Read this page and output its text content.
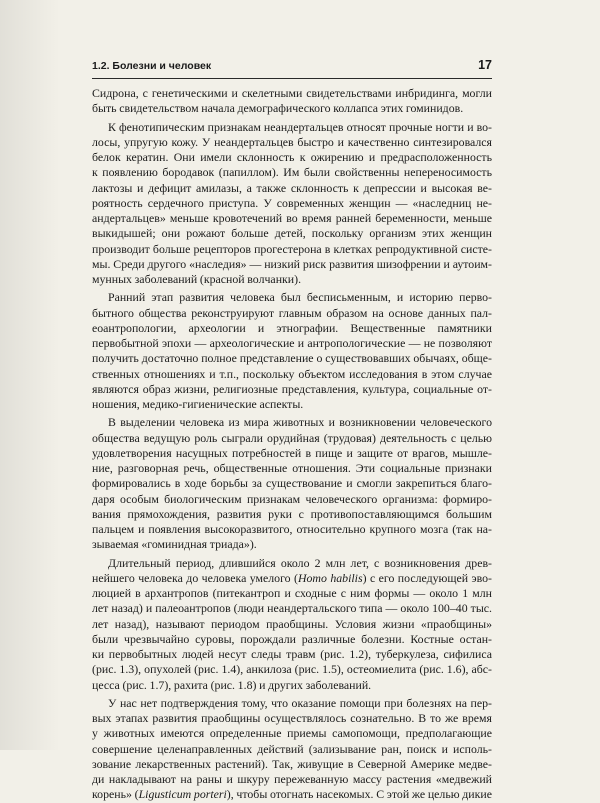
1.2. Болезни и человек	17
Сидрона, с генетическими и скелетными свидетельствами инбридинга, могли
быть свидетельством начала демографического коллапса этих гоминидов.
К фенотипическим признакам неандертальцев относят прочные ногти и во-
лосы, упругую кожу. У неандертальцев быстро и качественно синтезировался
белок кератин. Они имели склонность к ожирению и предрасположенность
к появлению бородавок (папиллом). Им были свойственны непереносимость
лактозы и дефицит амилазы, а также склонность к депрессии и высокая ве-
роятность сердечного приступа. У современных женщин — «наследниц не-
андертальцев» меньше кровотечений во время ранней беременности, меньше
выкидышей; они рожают больше детей, поскольку организм этих женщин
производит больше рецепторов прогестерона в клетках репродуктивной систе-
мы. Среди другого «наследия» — низкий риск развития шизофрении и аутоим-
мунных заболеваний (красной волчанки).
Ранний этап развития человека был бесписьменным, и историю перво-
бытного общества реконструируют главным образом на основе данных пал-
еоантропологии, археологии и этнографии. Вещественные памятники
первобытной эпохи — археологические и антропологические — не позволяют
получить достаточно полное представление о существовавших обычаях, обще-
ственных отношениях и т.п., поскольку объектом исследования в этом случае
являются образ жизни, религиозные представления, культура, социальные от-
ношения, медико-гигиенические аспекты.
В выделении человека из мира животных и возникновении человеческого
общества ведущую роль сыграли орудийная (трудовая) деятельность с целью
удовлетворения насущных потребностей в пище и защите от врагов, мышле-
ние, разговорная речь, общественные отношения. Эти социальные признаки
формировались в ходе борьбы за существование и смогли закрепиться благо-
даря особым биологическим признакам человеческого организма: формиро-
вания прямохождения, развития руки с противопоставляющимся большим
пальцем и появления высокоразвитого, относительно крупного мозга (так на-
зываемая «гоминидная триада»).
Длительный период, длившийся около 2 млн лет, с возникновения древ-
нейшего человека до человека умелого (Homo habilis) с его последующей эво-
люцией в архантропов (питекантроп и сходные с ним формы — около 1 млн
лет назад) и палеоантропов (люди неандертальского типа — около 100–40 тыс.
лет назад), называют периодом праобщины. Условия жизни «праобщины»
были чрезвычайно суровы, порождали различные болезни. Костные остан-
ки первобытных людей несут следы травм (рис. 1.2), туберкулеза, сифилиса
(рис. 1.3), опухолей (рис. 1.4), анкилоза (рис. 1.5), остеомиелита (рис. 1.6), абс-
цесса (рис. 1.7), рахита (рис. 1.8) и других заболеваний.
У нас нет подтверждения тому, что оказание помощи при болезнях на пер-
вых этапах развития праобщины осуществлялось сознательно. В то же время
у животных имеются определенные приемы самопомощи, предполагающие
совершение целенаправленных действий (зализывание ран, поиск и исполь-
зование лекарственных растений). Так, живущие в Северной Америке медве-
ди накладывают на раны и шкуру пережеванную массу растения «медвежий
корень» (Ligusticum porteri), чтобы отогнать насекомых. С этой же целью дикие
